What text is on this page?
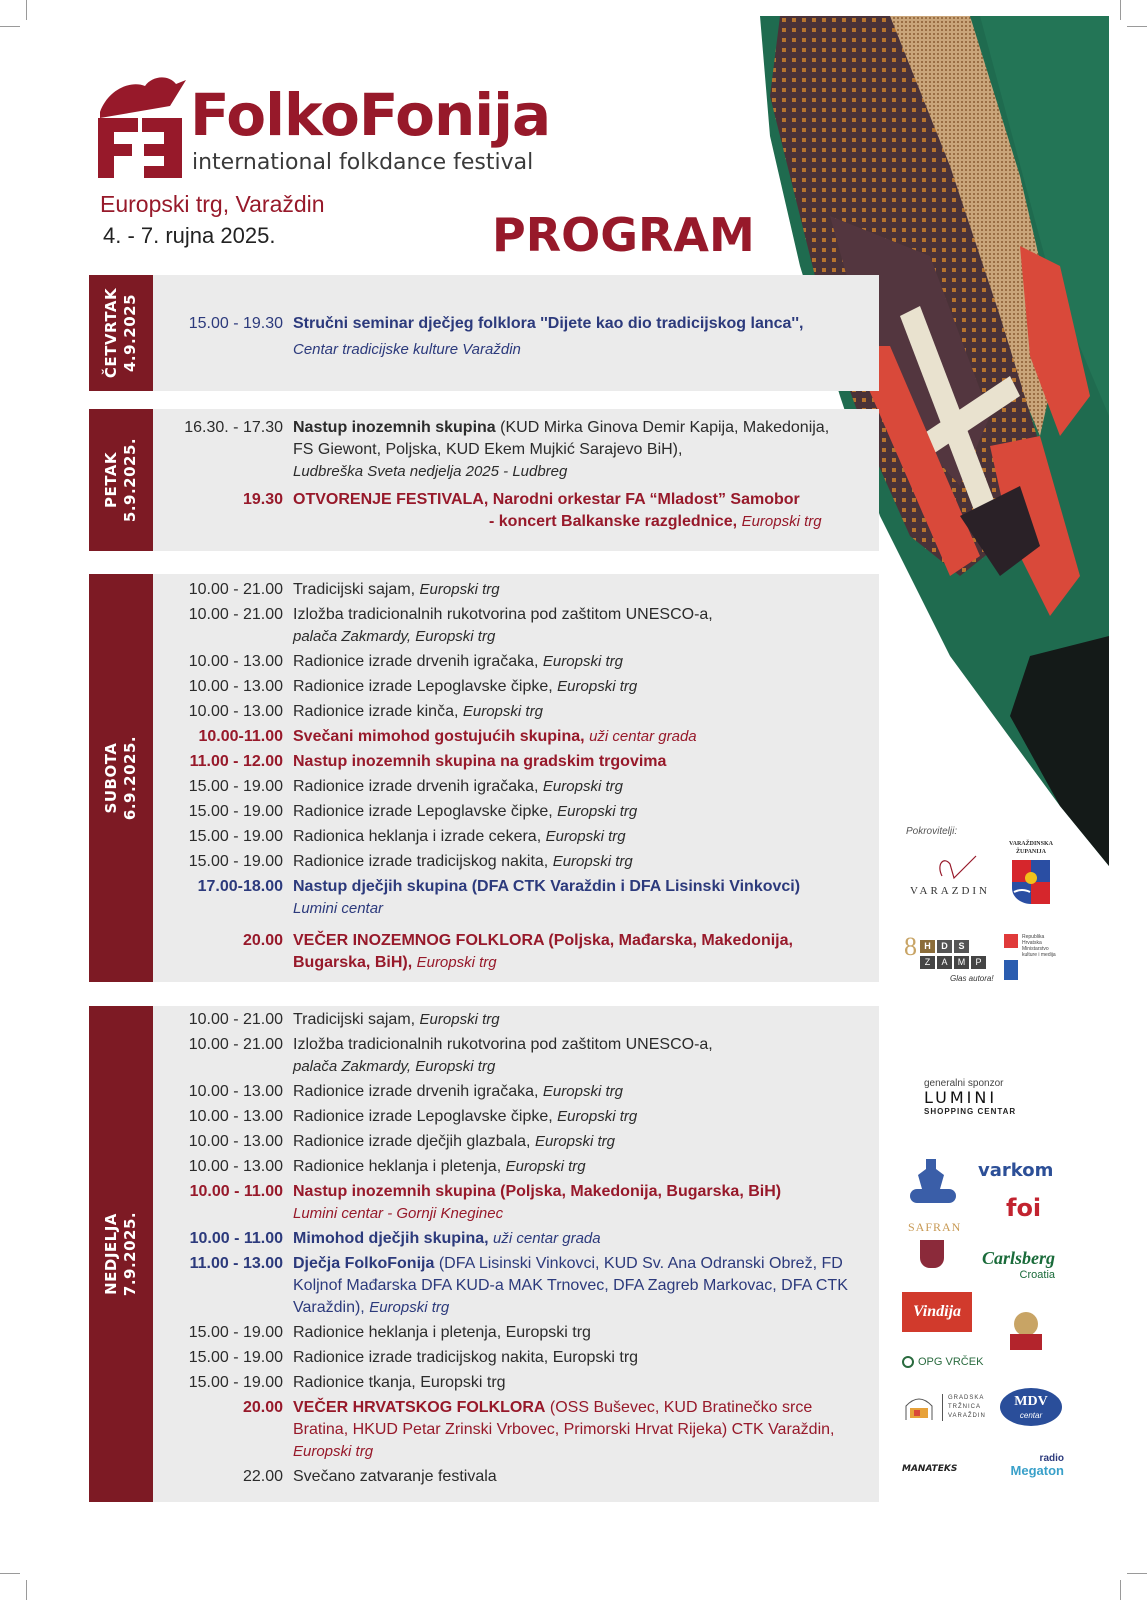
FolkoFonija
international folkdance festival
Europski trg, Varaždin
4. - 7. rujna 2025.	PROGRAM
ČETVRTAK 4.9.2025	15.00 - 19.30 Stručni seminar dječjeg folklora ''Dijete kao dio tradicijskog lanca'', Centar tradicijske kulture Varaždin
PETAK 5.9.2025.
16.30. - 17.30 Nastup inozemnih skupina (KUD Mirka Ginova Demir Kapija, Makedonija, FS Giewont, Poljska, KUD Ekem Mujkić Sarajevo BiH),
Ludbreška Sveta nedjelja 2025 - Ludbreg
19.30 OTVORENJE FESTIVALA, Narodni orkestar FA “Mladost” Samobor
- koncert Balkanske razglednice, Europski trg
SUBOTA 6.9.2025.
10.00 - 21.00 Tradicijski sajam, Europski trg
10.00 - 21.00 Izložba tradicionalnih rukotvorina pod zaštitom UNESCO-a,
palača Zakmardy, Europski trg
10.00 - 13.00 Radionice izrade drvenih igračaka, Europski trg
10.00 - 13.00 Radionice izrade Lepoglavske čipke, Europski trg
10.00 - 13.00 Radionice izrade kinča, Europski trg
10.00-11.00 Svečani mimohod gostujućih skupina, uži centar grada
11.00 - 12.00 Nastup inozemnih skupina na gradskim trgovima
15.00 - 19.00 Radionice izrade drvenih igračaka, Europski trg
15.00 - 19.00 Radionice izrade Lepoglavske čipke, Europski trg
15.00 - 19.00 Radionica heklanja i izrade cekera, Europski trg
15.00 - 19.00 Radionice izrade tradicijskog nakita, Europski trg
17.00-18.00 Nastup dječjih skupina (DFA CTK Varaždin i DFA Lisinski Vinkovci)
Lumini centar
20.00 VEČER INOZEMNOG FOLKLORA (Poljska, Mađarska, Makedonija, Bugarska, BiH), Europski trg
NEDJELJA 7.9.2025.
10.00 - 21.00 Tradicijski sajam, Europski trg
10.00 - 21.00 Izložba tradicionalnih rukotvorina pod zaštitom UNESCO-a,
palača Zakmardy, Europski trg
10.00 - 13.00 Radionice izrade drvenih igračaka, Europski trg
10.00 - 13.00 Radionice izrade Lepoglavske čipke, Europski trg
10.00 - 13.00 Radionice izrade dječjih glazbala, Europski trg
10.00 - 13.00 Radionice heklanja i pletenja, Europski trg
10.00 - 11.00 Nastup inozemnih skupina (Poljska, Makedonija, Bugarska, BiH)
Lumini centar - Gornji Kneginec
10.00 - 11.00 Mimohod dječjih skupina, uži centar grada
11.00 - 13.00 Dječja FolkoFonija (DFA Lisinski Vinkovci, KUD Sv. Ana Odranski Obrež, FD Koljnof Mađarska DFA KUD-a MAK Trnovec, DFA Zagreb Markovac, DFA CTK Varaždin), Europski trg
15.00 - 19.00 Radionice heklanja i pletenja, Europski trg
15.00 - 19.00 Radionice izrade tradicijskog nakita, Europski trg
15.00 - 19.00 Radionice tkanja, Europski trg
20.00 VEČER HRVATSKOG FOLKLORA (OSS Buševec, KUD Bratinečko srce Bratina, HKUD Petar Zrinski Vrbovec, Primorski Hrvat Rijeka) CTK Varaždin, Europski trg
22.00 Svečano zatvaranje festivala
Pokrovitelji:
VARAZDIN
VARAŽDINSKA ŽUPANIJA
8 H	D	S
Z	A	M	P
Glas autora!
Republika Hrvatska Ministarstvo kulture i medija
generalni sponzor
LUMINI
SHOPPING CENTAR
varkom
foi
SAFRAN
Carlsberg
Croatia
Vindija
OPG VRČEK
GRADSKA
TRŽNICA
VARAŽDIN
MDV
centar
MANATEKS
radio
Megaton
